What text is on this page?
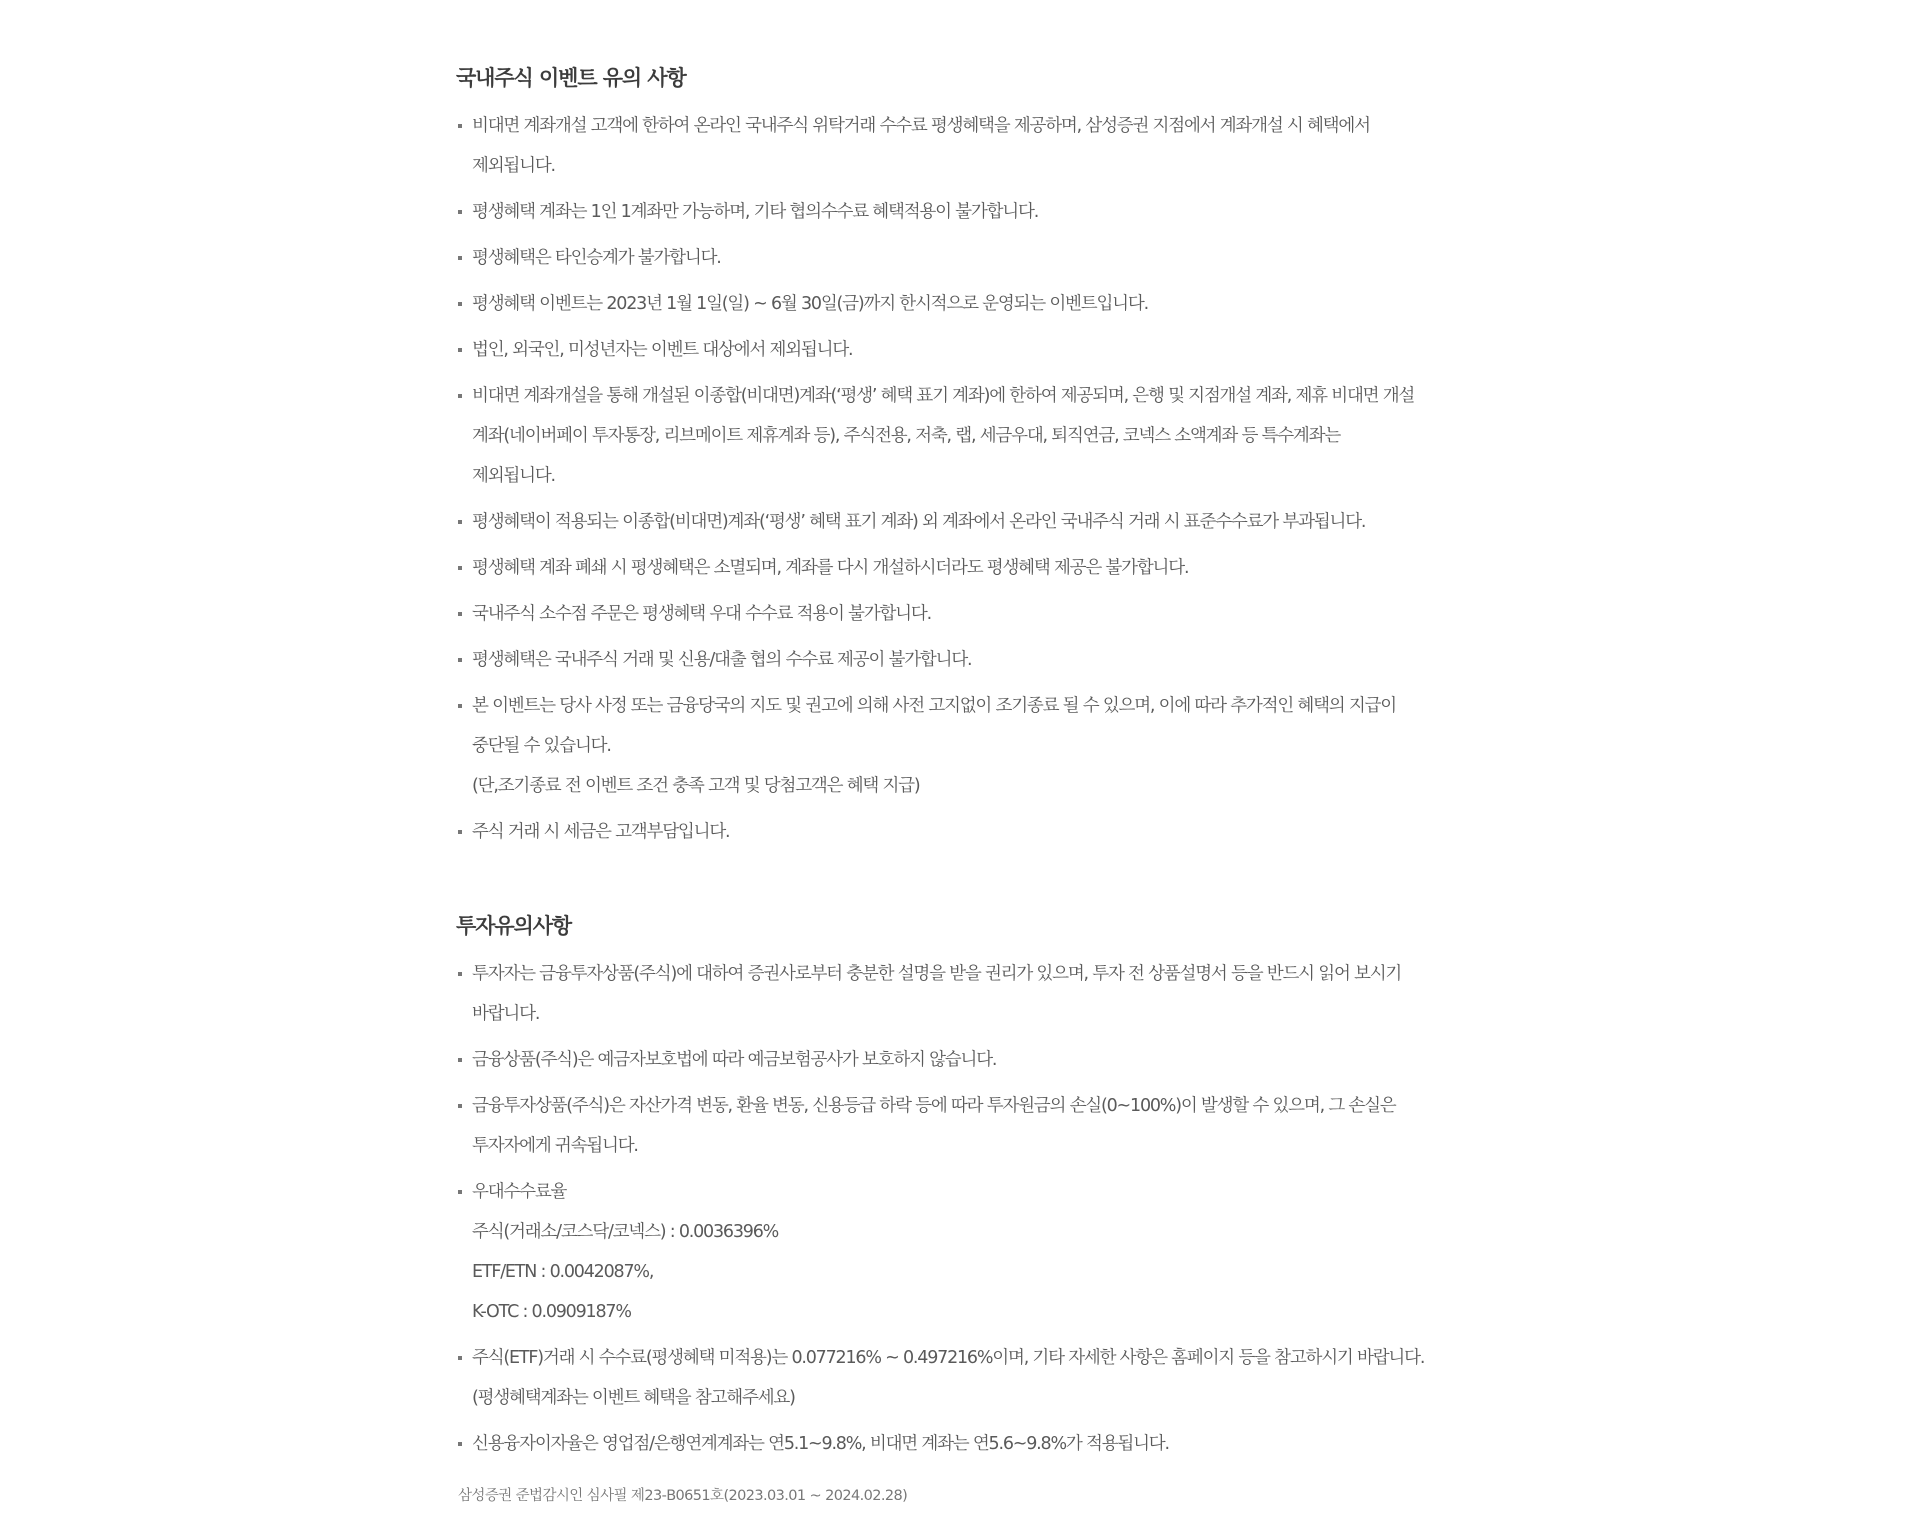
국내주식 이벤트 유의 사항
비대면 계좌개설 고객에 한하여 온라인 국내주식 위탁거래 수수료 평생혜택을 제공하며, 삼성증권 지점에서 계좌개설 시 혜택에서
제외됩니다.
평생혜택 계좌는 1인 1계좌만 가능하며, 기타 협의수수료 혜택적용이 불가합니다.
평생혜택은 타인승계가 불가합니다.
평생혜택 이벤트는 2023년 1월 1일(일) ~ 6월 30일(금)까지 한시적으로 운영되는 이벤트입니다.
법인, 외국인, 미성년자는 이벤트 대상에서 제외됩니다.
비대면 계좌개설을 통해 개설된 이종합(비대면)계좌(‘평생’ 혜택 표기 계좌)에 한하여 제공되며, 은행 및 지점개설 계좌, 제휴 비대면 개설
계좌(네이버페이 투자통장, 리브메이트 제휴계좌 등), 주식전용, 저축, 랩, 세금우대, 퇴직연금, 코넥스 소액계좌 등 특수계좌는
제외됩니다.
평생혜택이 적용되는 이종합(비대면)계좌(‘평생’ 혜택 표기 계좌) 외 계좌에서 온라인 국내주식 거래 시 표준수수료가 부과됩니다.
평생혜택 계좌 폐쇄 시 평생혜택은 소멸되며, 계좌를 다시 개설하시더라도 평생혜택 제공은 불가합니다.
국내주식 소수점 주문은 평생혜택 우대 수수료 적용이 불가합니다.
평생혜택은 국내주식 거래 및 신용/대출 협의 수수료 제공이 불가합니다.
본 이벤트는 당사 사정 또는 금융당국의 지도 및 권고에 의해 사전 고지없이 조기종료 될 수 있으며, 이에 따라 추가적인 혜택의 지급이
중단될 수 있습니다.
(단,조기종료 전 이벤트 조건 충족 고객 및 당첨고객은 혜택 지급)
주식 거래 시 세금은 고객부담입니다.
투자유의사항
투자자는 금융투자상품(주식)에 대하여 증권사로부터 충분한 설명을 받을 권리가 있으며, 투자 전 상품설명서 등을 반드시 읽어 보시기
바랍니다.
금융상품(주식)은 예금자보호법에 따라 예금보험공사가 보호하지 않습니다.
금융투자상품(주식)은 자산가격 변동, 환율 변동, 신용등급 하락 등에 따라 투자원금의 손실(0~100%)이 발생할 수 있으며, 그 손실은
투자자에게 귀속됩니다.
우대수수료율
주식(거래소/코스닥/코넥스) : 0.0036396%
ETF/ETN : 0.0042087%,
K-OTC : 0.0909187%
주식(ETF)거래 시 수수료(평생혜택 미적용)는 0.077216% ~ 0.497216%이며, 기타 자세한 사항은 홈페이지 등을 참고하시기 바랍니다.
(평생혜택계좌는 이벤트 혜택을 참고해주세요)
신용융자이자율은 영업점/은행연계계좌는 연5.1~9.8%, 비대면 계좌는 연5.6~9.8%가 적용됩니다.
삼성증권 준법감시인 심사필 제23-B0651호(2023.03.01 ~ 2024.02.28)
